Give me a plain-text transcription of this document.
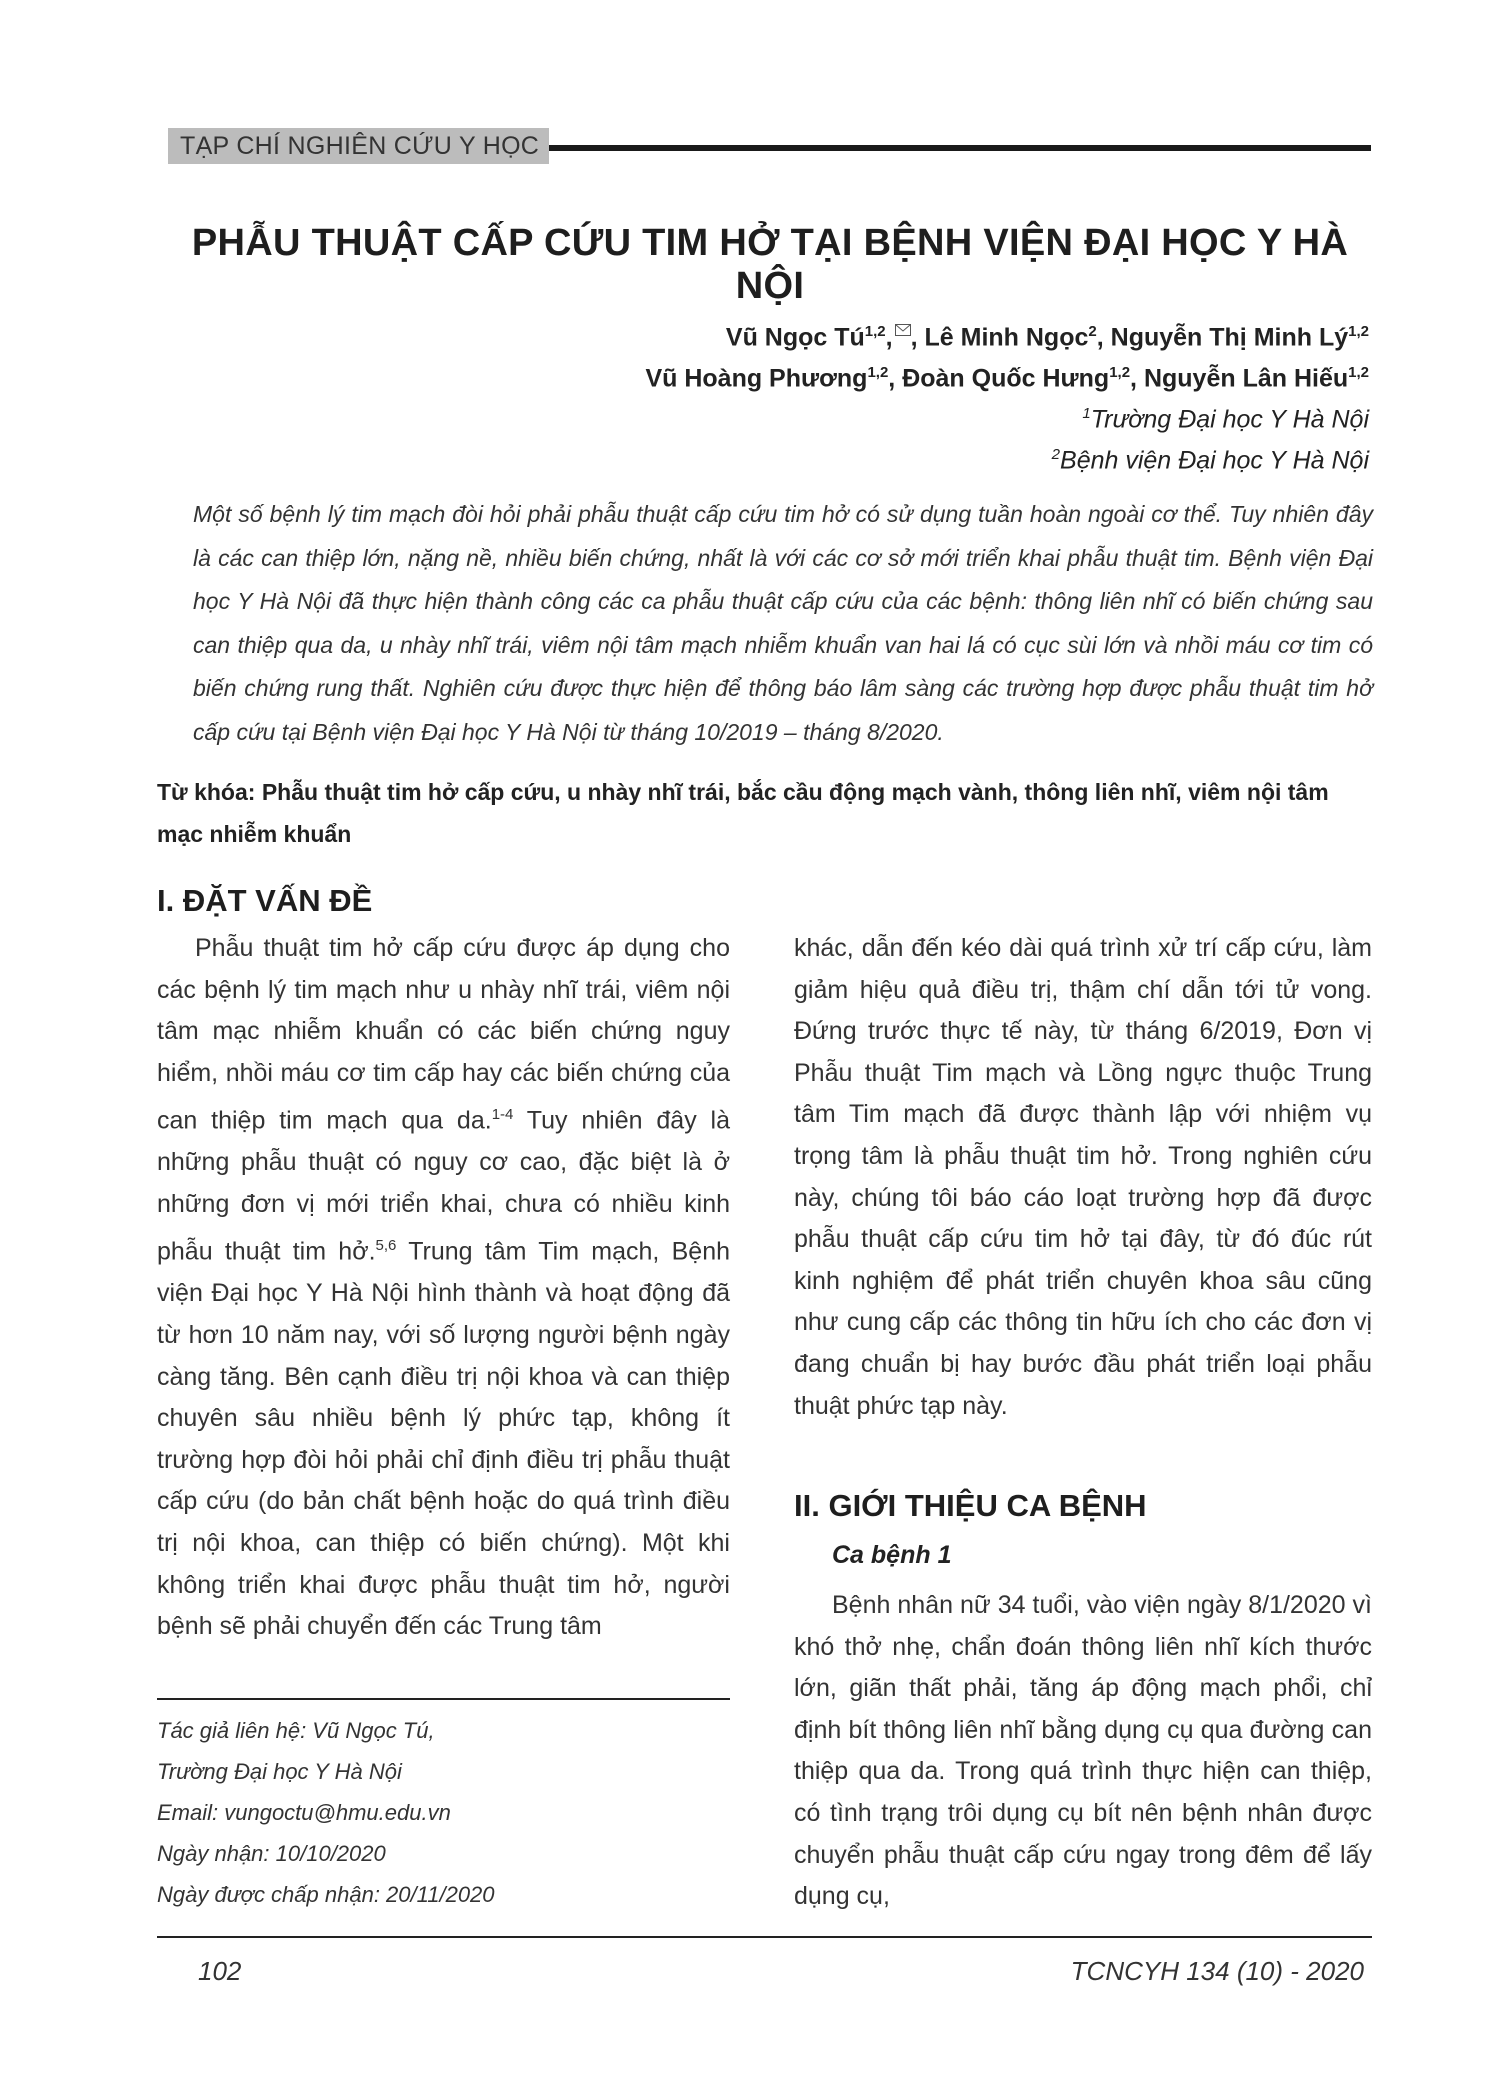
TẠP CHÍ NGHIÊN CỨU Y HỌC
PHẪU THUẬT CẤP CỨU TIM HỞ TẠI BỆNH VIỆN ĐẠI HỌC Y HÀ NỘI
Vũ Ngọc Tú$^{1,2}$, , Lê Minh Ngọc$^2$, Nguyễn Thị Minh Lý$^{1,2}$
Vũ Hoàng Phương$^{1,2}$, Đoàn Quốc Hưng$^{1,2}$, Nguyễn Lân Hiếu$^{1,2}$
$^1$Trường Đại học Y Hà Nội
$^2$Bệnh viện Đại học Y Hà Nội
Một số bệnh lý tim mạch đòi hỏi phải phẫu thuật cấp cứu tim hở có sử dụng tuần hoàn ngoài cơ thể. Tuy nhiên đây là các can thiệp lớn, nặng nề, nhiều biến chứng, nhất là với các cơ sở mới triển khai phẫu thuật tim. Bệnh viện Đại học Y Hà Nội đã thực hiện thành công các ca phẫu thuật cấp cứu của các bệnh: thông liên nhĩ có biến chứng sau can thiệp qua da, u nhày nhĩ trái, viêm nội tâm mạch nhiễm khuẩn van hai lá có cục sùi lớn và nhồi máu cơ tim có biến chứng rung thất. Nghiên cứu được thực hiện để thông báo lâm sàng các trường hợp được phẫu thuật tim hở cấp cứu tại Bệnh viện Đại học Y Hà Nội từ tháng 10/2019 – tháng 8/2020.
Từ khóa: Phẫu thuật tim hở cấp cứu, u nhày nhĩ trái, bắc cầu động mạch vành, thông liên nhĩ, viêm nội tâm mạc nhiễm khuẩn
I. ĐẶT VẤN ĐỀ
Phẫu thuật tim hở cấp cứu được áp dụng cho các bệnh lý tim mạch như u nhày nhĩ trái, viêm nội tâm mạc nhiễm khuẩn có các biến chứng nguy hiểm, nhồi máu cơ tim cấp hay các biến chứng của can thiệp tim mạch qua da.$^{1-4}$ Tuy nhiên đây là những phẫu thuật có nguy cơ cao, đặc biệt là ở những đơn vị mới triển khai, chưa có nhiều kinh phẫu thuật tim hở.$^{5,6}$ Trung tâm Tim mạch, Bệnh viện Đại học Y Hà Nội hình thành và hoạt động đã từ hơn 10 năm nay, với số lượng người bệnh ngày càng tăng. Bên cạnh điều trị nội khoa và can thiệp chuyên sâu nhiều bệnh lý phức tạp, không ít trường hợp đòi hỏi phải chỉ định điều trị phẫu thuật cấp cứu (do bản chất bệnh hoặc do quá trình điều trị nội khoa, can thiệp có biến chứng). Một khi không triển khai được phẫu thuật tim hở, người bệnh sẽ phải chuyển đến các Trung tâm
Tác giả liên hệ: Vũ Ngọc Tú,
Trường Đại học Y Hà Nội
Email: vungoctu@hmu.edu.vn
Ngày nhận: 10/10/2020
Ngày được chấp nhận: 20/11/2020
khác, dẫn đến kéo dài quá trình xử trí cấp cứu, làm giảm hiệu quả điều trị, thậm chí dẫn tới tử vong. Đứng trước thực tế này, từ tháng 6/2019, Đơn vị Phẫu thuật Tim mạch và Lồng ngực thuộc Trung tâm Tim mạch đã được thành lập với nhiệm vụ trọng tâm là phẫu thuật tim hở. Trong nghiên cứu này, chúng tôi báo cáo loạt trường hợp đã được phẫu thuật cấp cứu tim hở tại đây, từ đó đúc rút kinh nghiệm để phát triển chuyên khoa sâu cũng như cung cấp các thông tin hữu ích cho các đơn vị đang chuẩn bị hay bước đầu phát triển loại phẫu thuật phức tạp này.
II. GIỚI THIỆU CA BỆNH
Ca bệnh 1
Bệnh nhân nữ 34 tuổi, vào viện ngày 8/1/2020 vì khó thở nhẹ, chẩn đoán thông liên nhĩ kích thước lớn, giãn thất phải, tăng áp động mạch phổi, chỉ định bít thông liên nhĩ bằng dụng cụ qua đường can thiệp qua da. Trong quá trình thực hiện can thiệp, có tình trạng trôi dụng cụ bít nên bệnh nhân được chuyển phẫu thuật cấp cứu ngay trong đêm để lấy dụng cụ,
102	TCNCYH 134 (10) - 2020
